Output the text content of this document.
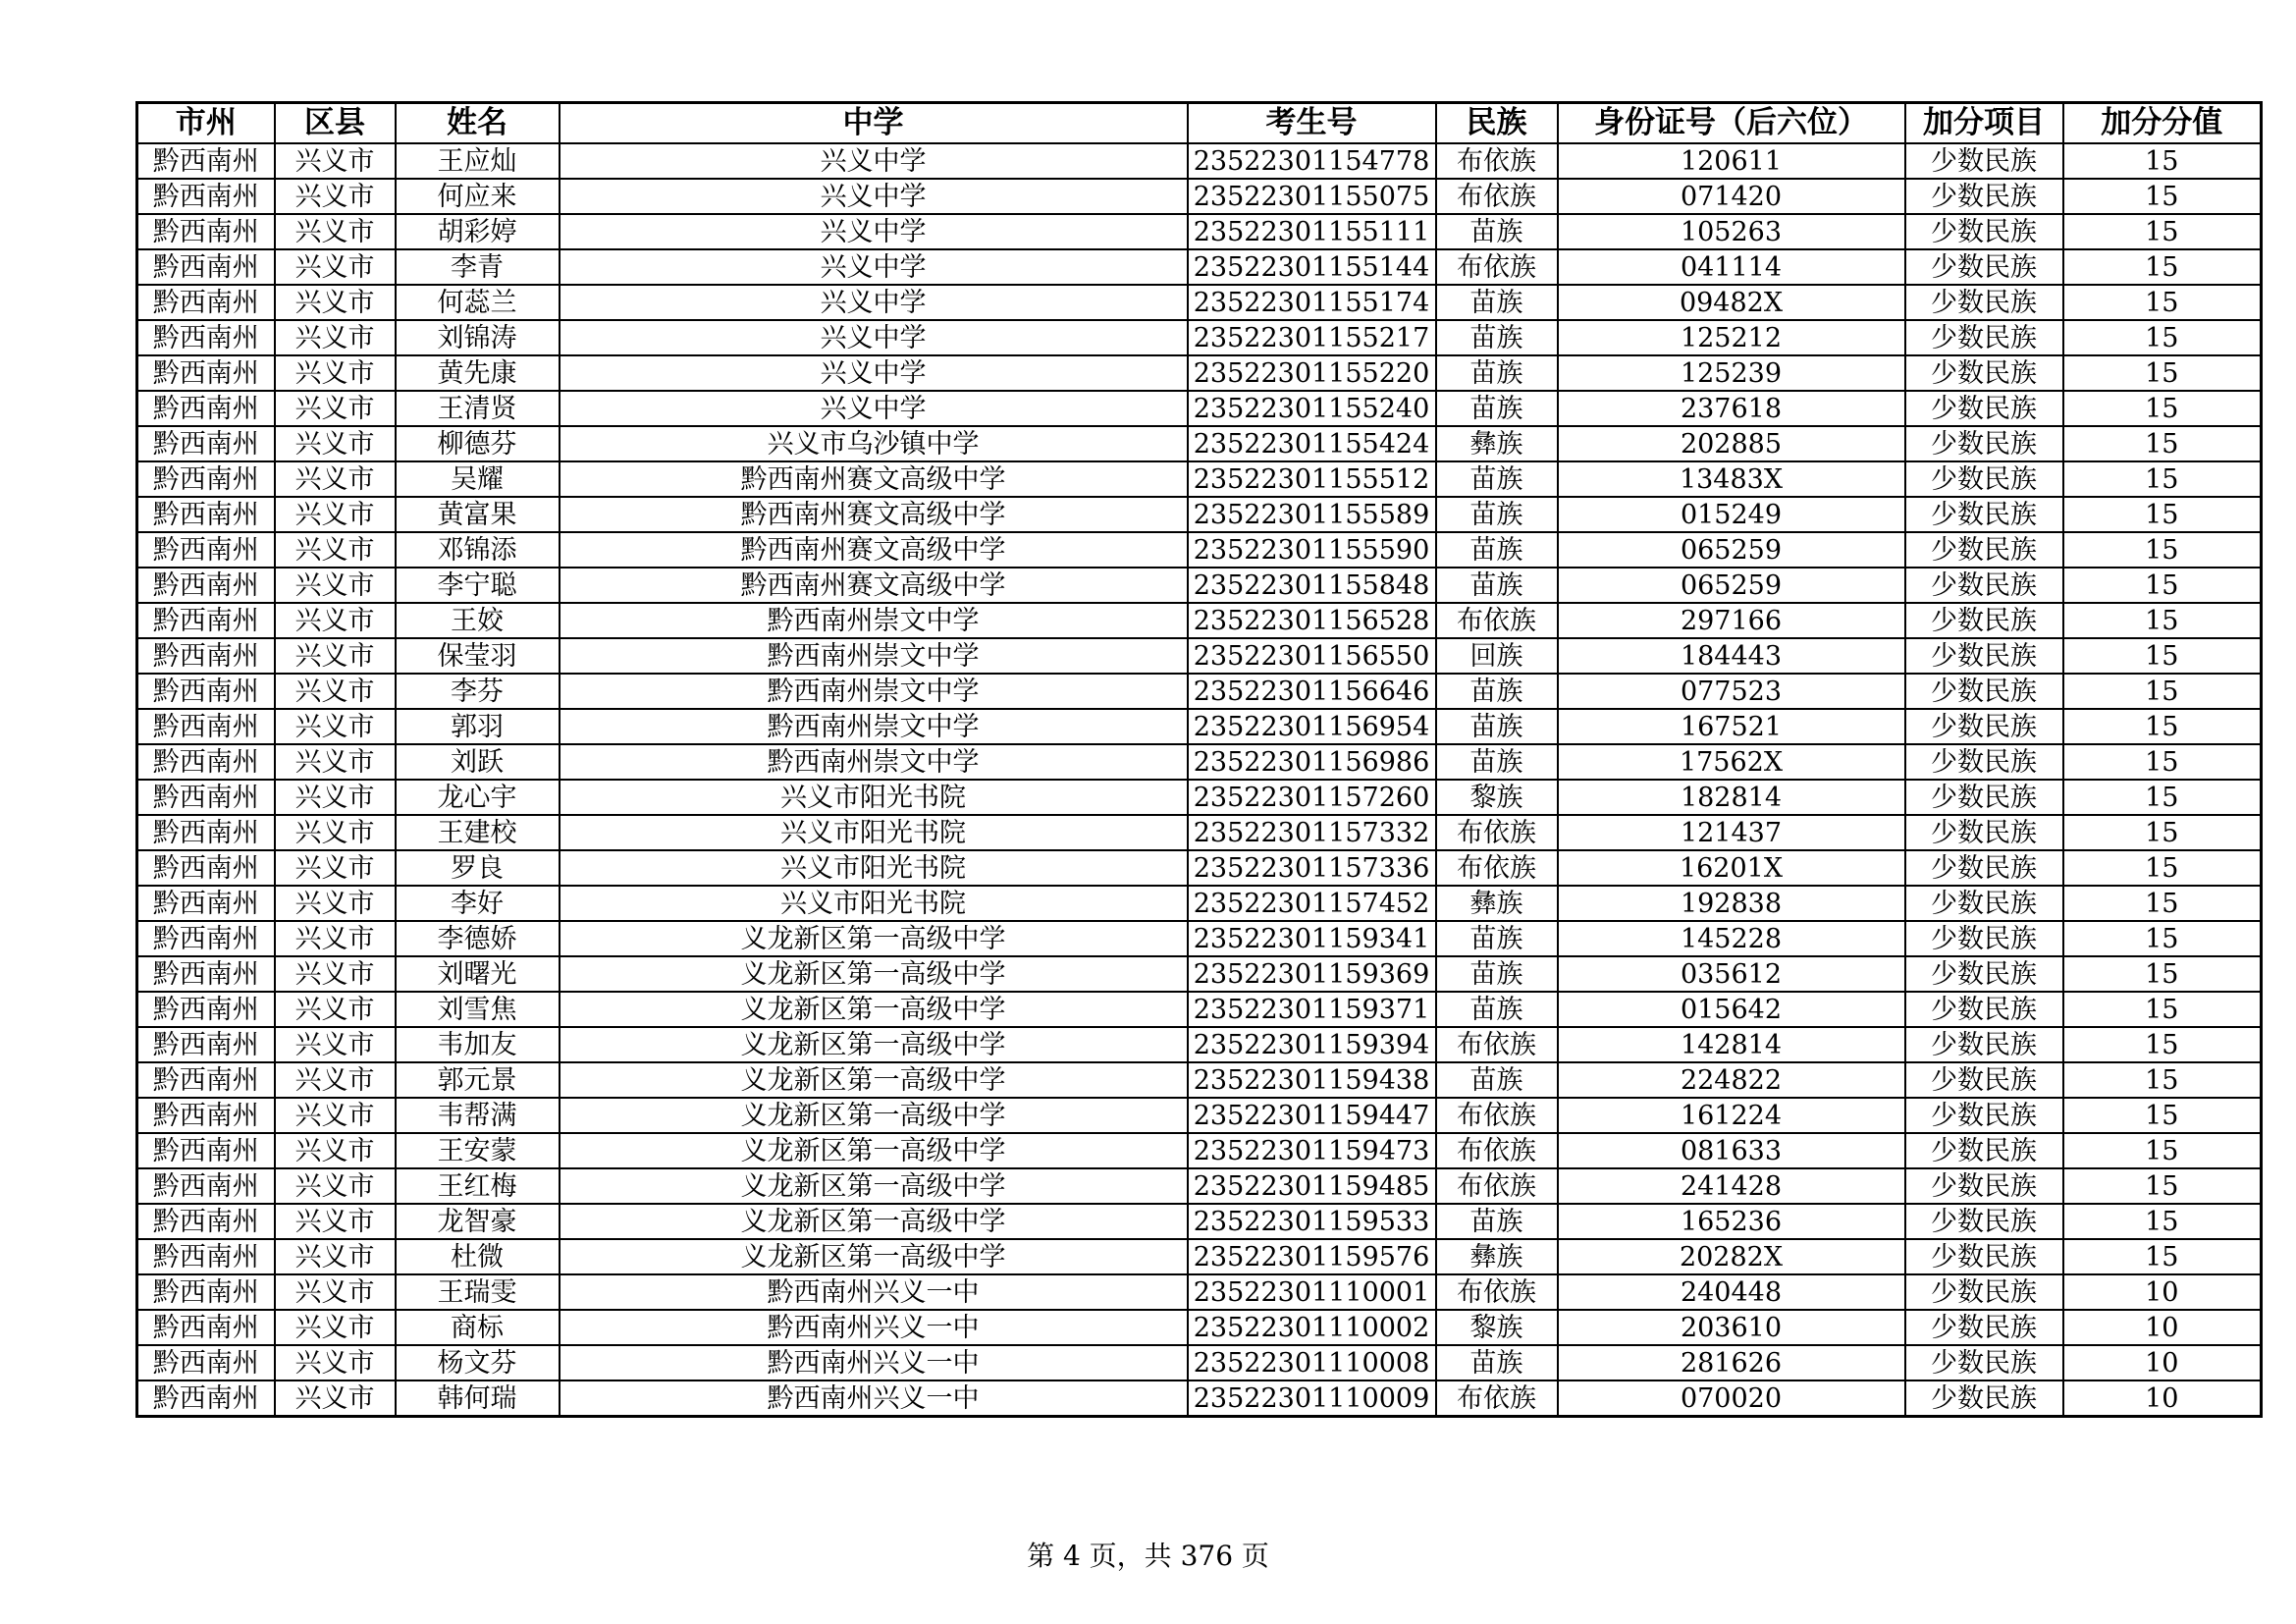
市州	区县	姓名	中学	考生号	民族	身份证号（后六位）	加分项目	加分分值
黔西南州	兴义市	王应灿	兴义中学	23522301154778	布依族	120611	少数民族	15
黔西南州	兴义市	何应来	兴义中学	23522301155075	布依族	071420	少数民族	15
黔西南州	兴义市	胡彩婷	兴义中学	23522301155111	苗族	105263	少数民族	15
黔西南州	兴义市	李青	兴义中学	23522301155144	布依族	041114	少数民族	15
黔西南州	兴义市	何蕊兰	兴义中学	23522301155174	苗族	09482X	少数民族	15
黔西南州	兴义市	刘锦涛	兴义中学	23522301155217	苗族	125212	少数民族	15
黔西南州	兴义市	黄先康	兴义中学	23522301155220	苗族	125239	少数民族	15
黔西南州	兴义市	王清贤	兴义中学	23522301155240	苗族	237618	少数民族	15
黔西南州	兴义市	柳德芬	兴义市乌沙镇中学	23522301155424	彝族	202885	少数民族	15
黔西南州	兴义市	吴耀	黔西南州赛文高级中学	23522301155512	苗族	13483X	少数民族	15
黔西南州	兴义市	黄富果	黔西南州赛文高级中学	23522301155589	苗族	015249	少数民族	15
黔西南州	兴义市	邓锦添	黔西南州赛文高级中学	23522301155590	苗族	065259	少数民族	15
黔西南州	兴义市	李宁聪	黔西南州赛文高级中学	23522301155848	苗族	065259	少数民族	15
黔西南州	兴义市	王姣	黔西南州崇文中学	23522301156528	布依族	297166	少数民族	15
黔西南州	兴义市	保莹羽	黔西南州崇文中学	23522301156550	回族	184443	少数民族	15
黔西南州	兴义市	李芬	黔西南州崇文中学	23522301156646	苗族	077523	少数民族	15
黔西南州	兴义市	郭羽	黔西南州崇文中学	23522301156954	苗族	167521	少数民族	15
黔西南州	兴义市	刘跃	黔西南州崇文中学	23522301156986	苗族	17562X	少数民族	15
黔西南州	兴义市	龙心宇	兴义市阳光书院	23522301157260	黎族	182814	少数民族	15
黔西南州	兴义市	王建校	兴义市阳光书院	23522301157332	布依族	121437	少数民族	15
黔西南州	兴义市	罗良	兴义市阳光书院	23522301157336	布依族	16201X	少数民族	15
黔西南州	兴义市	李好	兴义市阳光书院	23522301157452	彝族	192838	少数民族	15
黔西南州	兴义市	李德娇	义龙新区第一高级中学	23522301159341	苗族	145228	少数民族	15
黔西南州	兴义市	刘曙光	义龙新区第一高级中学	23522301159369	苗族	035612	少数民族	15
黔西南州	兴义市	刘雪焦	义龙新区第一高级中学	23522301159371	苗族	015642	少数民族	15
黔西南州	兴义市	韦加友	义龙新区第一高级中学	23522301159394	布依族	142814	少数民族	15
黔西南州	兴义市	郭元景	义龙新区第一高级中学	23522301159438	苗族	224822	少数民族	15
黔西南州	兴义市	韦帮满	义龙新区第一高级中学	23522301159447	布依族	161224	少数民族	15
黔西南州	兴义市	王安蒙	义龙新区第一高级中学	23522301159473	布依族	081633	少数民族	15
黔西南州	兴义市	王红梅	义龙新区第一高级中学	23522301159485	布依族	241428	少数民族	15
黔西南州	兴义市	龙智豪	义龙新区第一高级中学	23522301159533	苗族	165236	少数民族	15
黔西南州	兴义市	杜微	义龙新区第一高级中学	23522301159576	彝族	20282X	少数民族	15
黔西南州	兴义市	王瑞雯	黔西南州兴义一中	23522301110001	布依族	240448	少数民族	10
黔西南州	兴义市	商标	黔西南州兴义一中	23522301110002	黎族	203610	少数民族	10
黔西南州	兴义市	杨文芬	黔西南州兴义一中	23522301110008	苗族	281626	少数民族	10
黔西南州	兴义市	韩何瑞	黔西南州兴义一中	23522301110009	布依族	070020	少数民族	10
第 4 页，共 376 页
